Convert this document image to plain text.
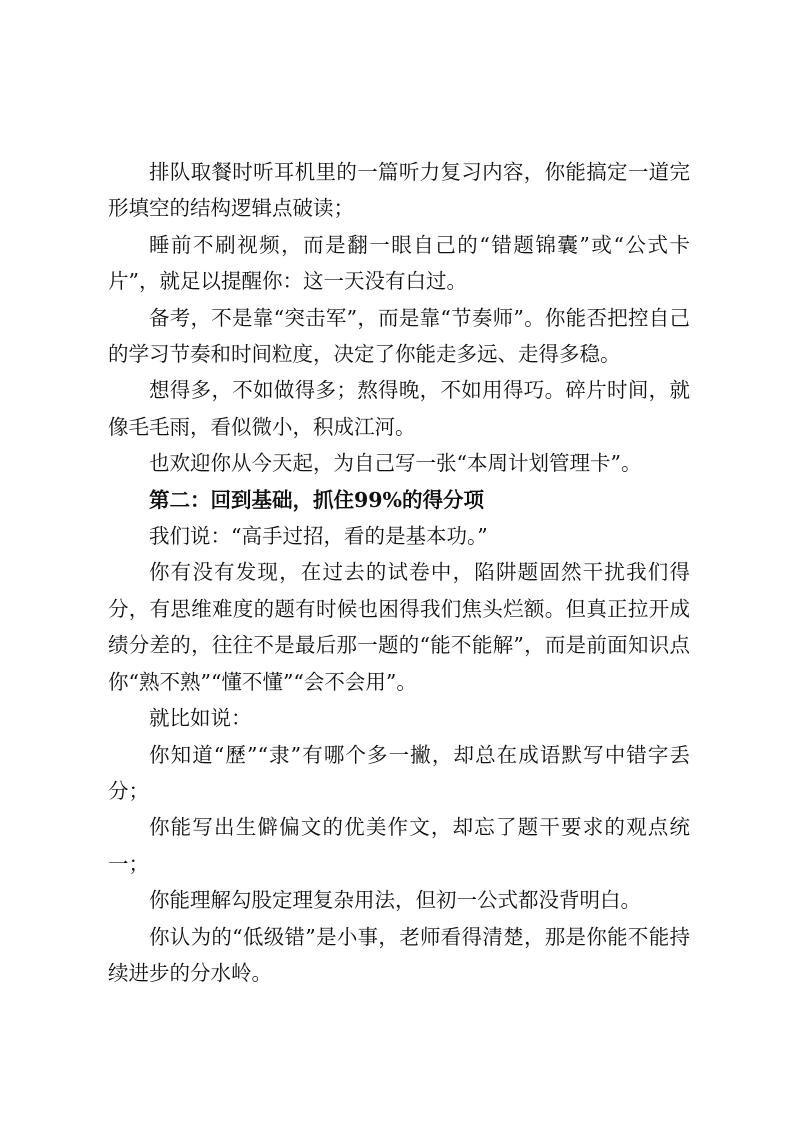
排队取餐时听耳机里的一篇听力复习内容，你能搞定一道完形填空的结构逻辑点破读；

睡前不刷视频，而是翻一眼自己的“错题锦囊”或“公式卡片”，就足以提醒你：这一天没有白过。

备考，不是靠“突击军”，而是靠“节奏师”。你能否把控自己的学习节奏和时间粒度，决定了你能走多远、走得多稳。

想得多，不如做得多；熬得晚，不如用得巧。碎片时间，就像毛毛雨，看似微小，积成江河。

也欢迎你从今天起，为自己写一张“本周计划管理卡”。

第二：回到基础，抓住99%的得分项

我们说：“高手过招，看的是基本功。”

你有没有发现，在过去的试卷中，陷阱题固然干扰我们得分，有思维难度的题有时候也困得我们焦头烂额。但真正拉开成绩分差的，往往不是最后那一题的“能不能解”，而是前面知识点你“熟不熟”“懂不懂”“会不会用”。

就比如说：

你知道“歷”“隶”有哪个多一撇，却总在成语默写中错字丢分；

你能写出生僻偏文的优美作文，却忘了题干要求的观点统一；

你能理解勾股定理复杂用法，但初一公式都没背明白。

你认为的“低级错”是小事，老师看得清楚，那是你能不能持续进步的分水岭。
